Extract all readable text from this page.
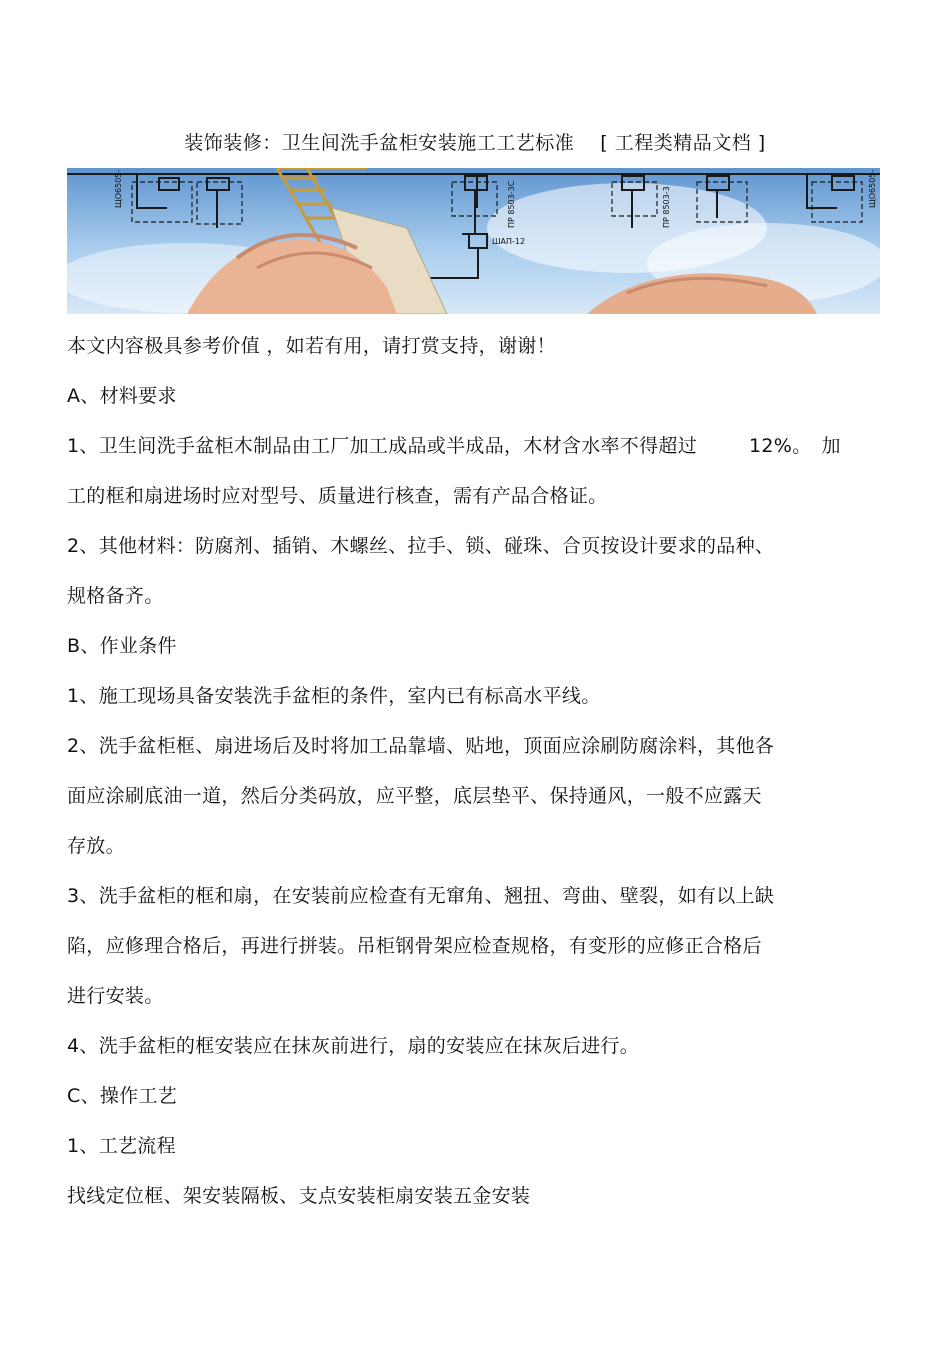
装饰装修：卫生间洗手盆柜安装施工工艺标准 [ 工程类精品文档 ]
ЩО6505-	ПР 8503-3С
ШАП-12
ПР 8503-3	ЩО6505-
本文内容极具参考价值 ，如若有用，请打赏支持，谢谢！
A、材料要求
1、卫生间洗手盆柜木制品由工厂加工成品或半成品，木材含水率不得超过	12%。 加
工的框和扇进场时应对型号、质量进行核查，需有产品合格证。
2、其他材料：防腐剂、插销、木螺丝、拉手、锁、碰珠、合页按设计要求的品种、
规格备齐。
B、作业条件
1、施工现场具备安装洗手盆柜的条件，室内已有标高水平线。
2、洗手盆柜框、扇进场后及时将加工品靠墙、贴地，顶面应涂刷防腐涂料，其他各
面应涂刷底油一道，然后分类码放，应平整，底层垫平、保持通风，一般不应露天
存放。
3、洗手盆柜的框和扇，在安装前应检查有无窜角、翘扭、弯曲、壁裂，如有以上缺
陷，应修理合格后，再进行拼装。吊柜钢骨架应检查规格，有变形的应修正合格后
进行安装。
4、洗手盆柜的框安装应在抹灰前进行，扇的安装应在抹灰后进行。
C、操作工艺
1、工艺流程
找线定位框、架安装隔板、支点安装柜扇安装五金安装
